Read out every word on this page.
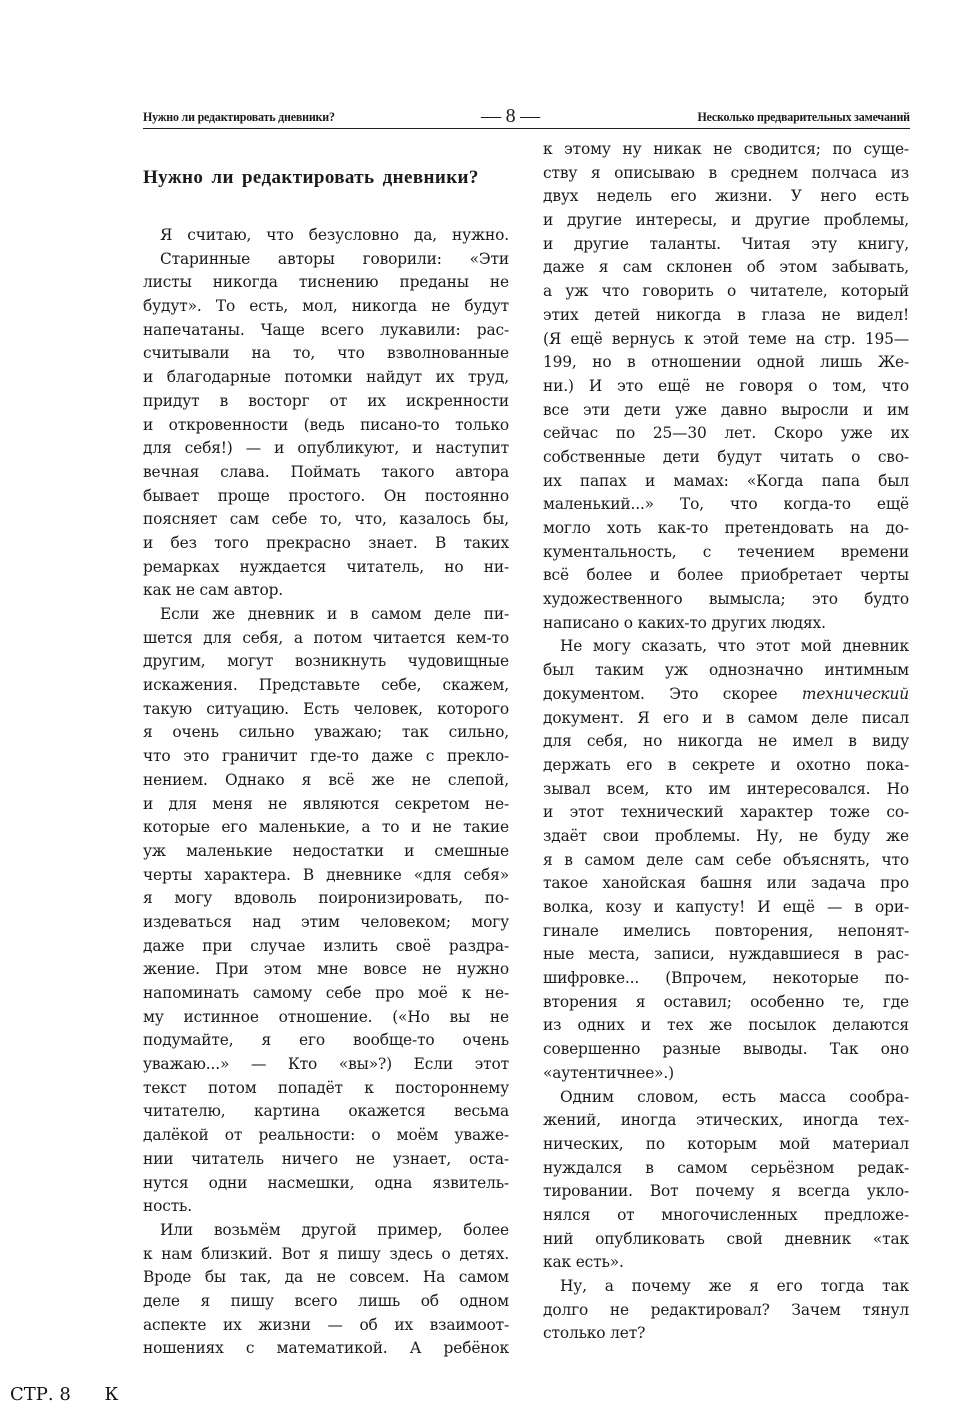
Нужно ли редактировать дневники?	— 8 —	Несколько предварительных замечаний
Нужно ли редактировать дневники?
Я считаю, что безусловно да, нужно.
Старинные авторы говорили: «Эти
листы никогда тиснению преданы не
будут». То есть, мол, никогда не будут
напечатаны. Чаще всего лукавили: рас-
считывали на то, что взволнованные
и благодарные потомки найдут их труд,
придут в восторг от их искренности
и откровенности (ведь писано-то только
для себя!) — и опубликуют, и наступит
вечная слава. Поймать такого автора
бывает проще простого. Он постоянно
поясняет сам себе то, что, казалось бы,
и без того прекрасно знает. В таких
ремарках нуждается читатель, но ни-
как не сам автор.
Если же дневник и в самом деле пи-
шется для себя, а потом читается кем-то
другим, могут возникнуть чудовищные
искажения. Представьте себе, скажем,
такую ситуацию. Есть человек, которого
я очень сильно уважаю; так сильно,
что это граничит где-то даже с прекло-
нением. Однако я всё же не слепой,
и для меня не являются секретом не-
которые его маленькие, а то и не такие
уж маленькие недостатки и смешные
черты характера. В дневнике «для себя»
я могу вдоволь поиронизировать, по-
издеваться над этим человеком; могу
даже при случае излить своё раздра-
жение. При этом мне вовсе не нужно
напоминать самому себе про моё к не-
му истинное отношение. («Но вы не
подумайте, я его вообще-то очень
уважаю...» — Кто «вы»?) Если этот
текст потом попадёт к постороннему
читателю, картина окажется весьма
далёкой от реальности: о моём уваже-
нии читатель ничего не узнает, оста-
нутся одни насмешки, одна язвитель-
ность.
Или возьмём другой пример, более
к нам близкий. Вот я пишу здесь о детях.
Вроде бы так, да не совсем. На самом
деле я пишу всего лишь об одном
аспекте их жизни — об их взаимоот-
ношениях с математикой. А ребёнок
к этому ну никак не сводится; по суще-
ству я описываю в среднем полчаса из
двух недель его жизни. У него есть
и другие интересы, и другие проблемы,
и другие таланты. Читая эту книгу,
даже я сам склонен об этом забывать,
а уж что говорить о читателе, который
этих детей никогда в глаза не видел!
(Я ещё вернусь к этой теме на стр. 195—
199, но в отношении одной лишь Же-
ни.) И это ещё не говоря о том, что
все эти дети уже давно выросли и им
сейчас по 25—30 лет. Скоро уже их
собственные дети будут читать о сво-
их папах и мамах: «Когда папа был
маленький...» То, что когда-то ещё
могло хоть как-то претендовать на до-
кументальность, с течением времени
всё более и более приобретает черты
художественного вымысла; это будто
написано о каких-то других людях.
Не могу сказать, что этот мой дневник
был таким уж однозначно интимным
документом. Это скорее технический
документ. Я его и в самом деле писал
для себя, но никогда не имел в виду
держать его в секрете и охотно пока-
зывал всем, кто им интересовался. Но
и этот технический характер тоже со-
здаёт свои проблемы. Ну, не буду же
я в самом деле сам себе объяснять, что
такое ханойская башня или задача про
волка, козу и капусту! И ещё — в ори-
гинале имелись повторения, непонят-
ные места, записи, нуждавшиеся в рас-
шифровке... (Впрочем, некоторые по-
вторения я оставил; особенно те, где
из одних и тех же посылок делаются
совершенно разные выводы. Так оно
«аутентичнее».)
Одним словом, есть масса сообра-
жений, иногда этических, иногда тех-
нических, по которым мой материал
нуждался в самом серьёзном редак-
тировании. Вот почему я всегда укло-
нялся от многочисленных предложе-
ний опубликовать свой дневник «так
как есть».
Ну, а почему же я его тогда так
долго не редактировал? Зачем тянул
столько лет?
СТР. 8 К
